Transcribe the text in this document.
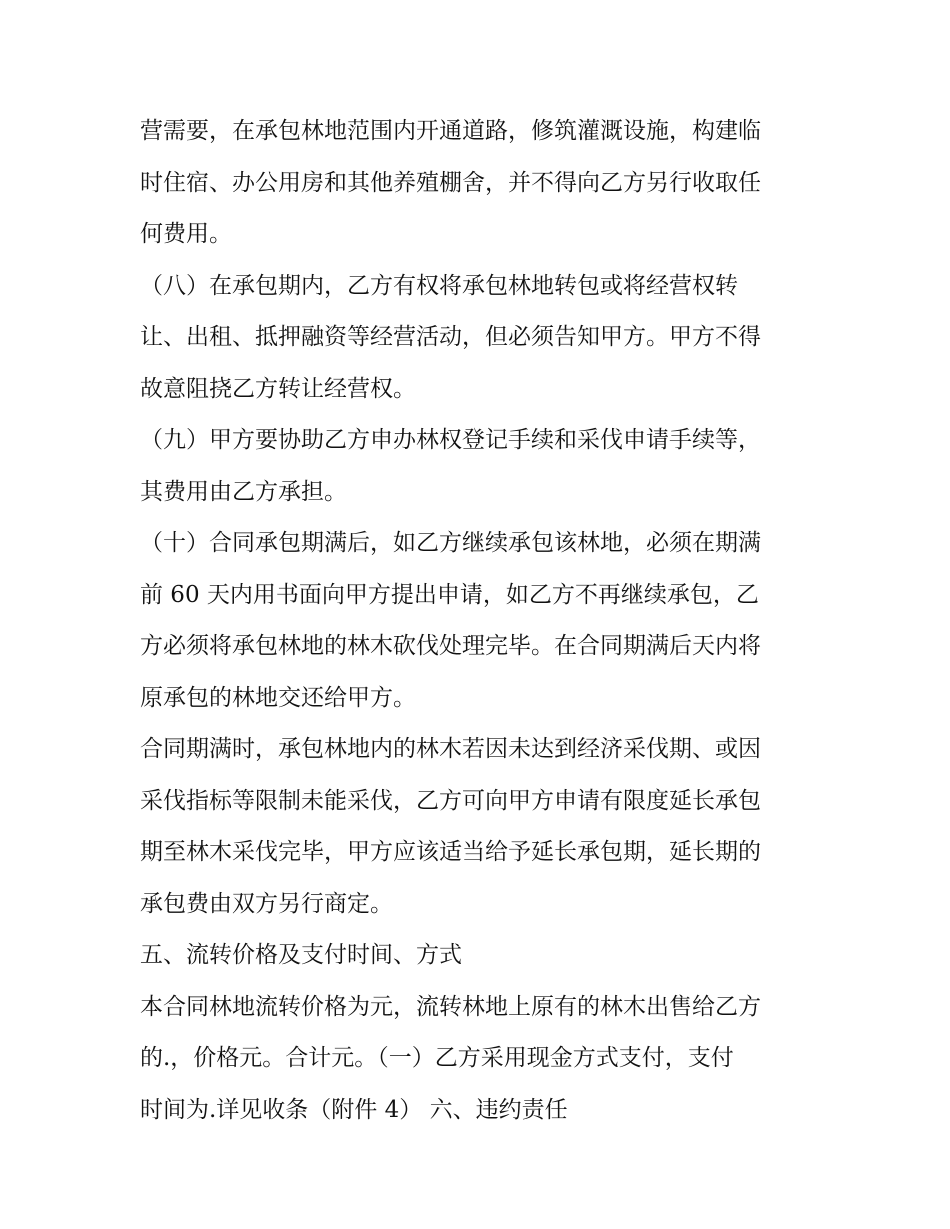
营需要，在承包林地范围内开通道路，修筑灌溉设施，构建临
时住宿、办公用房和其他养殖棚舍，并不得向乙方另行收取任
何费用。
（八）在承包期内，乙方有权将承包林地转包或将经营权转
让、出租、抵押融资等经营活动，但必须告知甲方。甲方不得
故意阻挠乙方转让经营权。
（九）甲方要协助乙方申办林权登记手续和采伐申请手续等，
其费用由乙方承担。
（十）合同承包期满后，如乙方继续承包该林地，必须在期满
前 60 天内用书面向甲方提出申请，如乙方不再继续承包，乙
方必须将承包林地的林木砍伐处理完毕。在合同期满后天内将
原承包的林地交还给甲方。
合同期满时，承包林地内的林木若因未达到经济采伐期、或因
采伐指标等限制未能采伐，乙方可向甲方申请有限度延长承包
期至林木采伐完毕，甲方应该适当给予延长承包期，延长期的
承包费由双方另行商定。
五、流转价格及支付时间、方式
本合同林地流转价格为元，流转林地上原有的林木出售给乙方
的.，价格元。合计元。（一）乙方采用现金方式支付，支付
时间为.详见收条（附件 4） 六、违约责任
